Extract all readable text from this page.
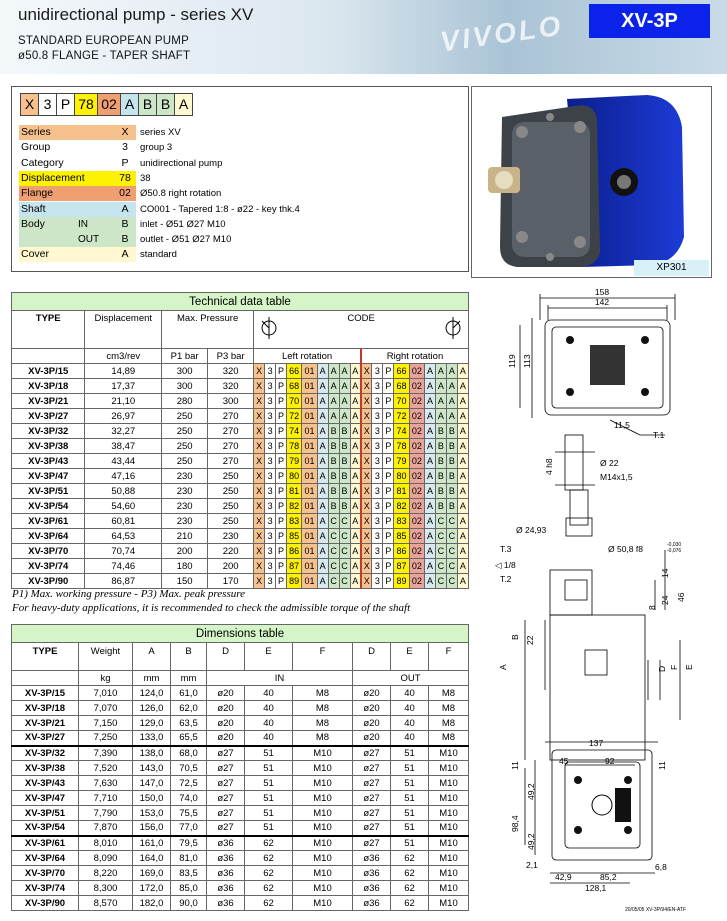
unidirectional pump - series XV
STANDARD EUROPEAN PUMP
ø50.8 FLANGE - TAPER SHAFT	VIVOLO	XV-3P
X 3 P 78 02 A B B A
Series	X	series XV
Group	3	group 3
Category	P	unidirectional pump
Displacement	78 38
Flange	02 Ø50.8 right rotation
Shaft	A	CO001 - Tapered 1:8 - ø22 - key thk.4
Body	IN	B	inlet - Ø51 Ø27 M10
OUT	B	outlet - Ø51 Ø27 M10
Cover	A	standard
XP301
Technical data table																					
TYPE	Displacement	Max. Pressure		CODE																	

	cm3/rev	P1 bar	P3 bar	Left rotation									Right rotation								
XV-3P/15	14,89	300	320	X	3	P	66	01	A	A	A	A	X	3	P	66	02	A	A	A	A
XV-3P/18	17,37	300	320	X	3	P	68	01	A	A	A	A	X	3	P	68	02	A	A	A	A
XV-3P/21	21,10	280	300	X	3	P	70	01	A	A	A	A	X	3	P	70	02	A	A	A	A
XV-3P/27	26,97	250	270	X	3	P	72	01	A	A	A	A	X	3	P	72	02	A	A	A	A
XV-3P/32	32,27	250	270	X	3	P	74	01	A	B	B	A	X	3	P	74	02	A	B	B	A
XV-3P/38	38,47	250	270	X	3	P	78	01	A	B	B	A	X	3	P	78	02	A	B	B	A
XV-3P/43	43,44	250	270	X	3	P	79	01	A	B	B	A	X	3	P	79	02	A	B	B	A
XV-3P/47	47,16	230	250	X	3	P	80	01	A	B	B	A	X	3	P	80	02	A	B	B	A
XV-3P/51	50,88	230	250	X	3	P	81	01	A	B	B	A	X	3	P	81	02	A	B	B	A
XV-3P/54	54,60	230	250	X	3	P	82	01	A	B	B	A	X	3	P	82	02	A	B	B	A
XV-3P/61	60,81	230	250	X	3	P	83	01	A	C	C	A	X	3	P	83	02	A	C	C	A
XV-3P/64	64,53	210	230	X	3	P	85	01	A	C	C	A	X	3	P	85	02	A	C	C	A
XV-3P/70	70,74	200	220	X	3	P	86	01	A	C	C	A	X	3	P	86	02	A	C	C	A
XV-3P/74	74,46	180	200	X	3	P	87	01	A	C	C	A	X	3	P	87	02	A	C	C	A
XV-3P/90	86,87	150	170	X	3	P	89	01	A	C	C	A	X	3	P	89	02	A	C	C	A
P1) Max. working pressure - P3) Max. peak pressure
For heavy-duty applications, it is recommended to check the admissible torque of the shaft
Dimensions table									
TYPE	Weight	A	B	D	E	F	D	E	F
	kg	mm	mm	IN			OUT		
XV-3P/15	7,010	124,0	61,0	ø20	40	M8	ø20	40	M8
XV-3P/18	7,070	126,0	62,0	ø20	40	M8	ø20	40	M8
XV-3P/21	7,150	129,0	63,5	ø20	40	M8	ø20	40	M8
XV-3P/27	7,250	133,0	65,5	ø20	40	M8	ø20	40	M8
XV-3P/32	7,390	138,0	68,0	ø27	51	M10	ø27	51	M10
XV-3P/38	7,520	143,0	70,5	ø27	51	M10	ø27	51	M10
XV-3P/43	7,630	147,0	72,5	ø27	51	M10	ø27	51	M10
XV-3P/47	7,710	150,0	74,0	ø27	51	M10	ø27	51	M10
XV-3P/51	7,790	153,0	75,5	ø27	51	M10	ø27	51	M10
XV-3P/54	7,870	156,0	77,0	ø27	51	M10	ø27	51	M10
XV-3P/61	8,010	161,0	79,5	ø36	62	M10	ø27	51	M10
XV-3P/64	8,090	164,0	81,0	ø36	62	M10	ø36	62	M10
XV-3P/70	8,220	169,0	83,5	ø36	62	M10	ø36	62	M10
XV-3P/74	8,300	172,0	85,0	ø36	62	M10	ø36	62	M10
XV-3P/90	8,570	182,0	90,0	ø36	62	M10	ø36	62	M10
158
142
119 113
11,5
T.1
4 h8	Ø 22
M14x1,5
Ø 24,93
T.3
◁ 1/8
T.2
Ø 50,8 f8	-0,030
-0,076
14
24 46
8
A
B 22
D F E
137
45	92
11	11
49,2
49,2
98,4
2,1
42,9	85,2
6,8
128,1
20/05/05 XV-3P/94/EN-ATF
